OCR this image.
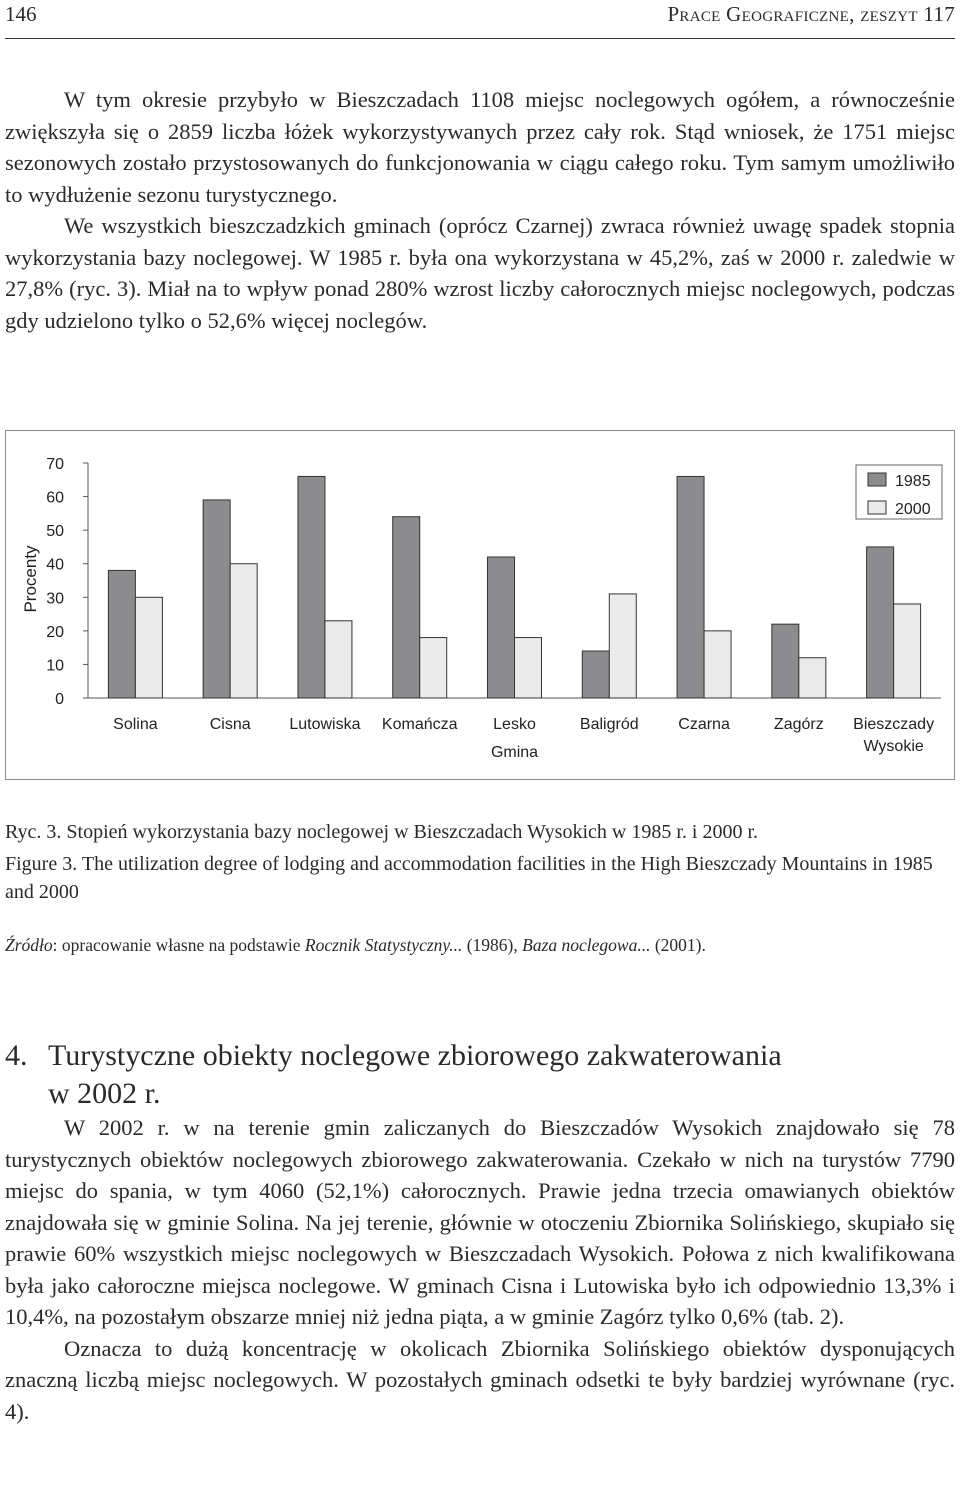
146	Prace Geograficzne, zeszyt 117

W tym okresie przybyło w Bieszczadach 1108 miejsc noclegowych ogółem, a równocześnie zwiększyła się o 2859 liczba łóżek wykorzystywanych przez cały rok. Stąd wniosek, że 1751 miejsc sezonowych zostało przystosowanych do funkcjonowania w ciągu całego roku. Tym samym umożliwiło to wydłużenie sezonu turystycznego.

We wszystkich bieszczadzkich gminach (oprócz Czarnej) zwraca również uwagę spadek stopnia wykorzystania bazy noclegowej. W 1985 r. była ona wykorzystana w 45,2%, zaś w 2000 r. zaledwie w 27,8% (ryc. 3). Miał na to wpływ ponad 280% wzrost liczby całorocznych miejsc noclegowych, podczas gdy udzielono tylko o 52,6% więcej noclegów.

0
10
20
30
40
50
60
70
Procenty
Solina	Cisna Lutowiska Komańcza Lesko	Baligród Czarna	Zagórz Bieszczady
Wysokie
Gmina
1985
2000

Ryc. 3. Stopień wykorzystania bazy noclegowej w Bieszczadach Wysokich w 1985 r. i 2000 r.

Figure 3. The utilization degree of lodging and accommodation facilities in the High Bieszczady Mountains in 1985 and 2000

Źródło: opracowanie własne na podstawie Rocznik Statystyczny... (1986), Baza noclegowa... (2001).
4. Turystyczne obiekty noclegowe zbiorowego zakwaterowania
w 2002 r.

W 2002 r. w na terenie gmin zaliczanych do Bieszczadów Wysokich znajdowało się 78 turystycznych obiektów noclegowych zbiorowego zakwaterowania. Czekało w nich na turystów 7790 miejsc do spania, w tym 4060 (52,1%) całorocznych. Prawie jedna trzecia omawianych obiektów znajdowała się w gminie Solina. Na jej terenie, głównie w otoczeniu Zbiornika Solińskiego, skupiało się prawie 60% wszystkich miejsc noclegowych w Bieszczadach Wysokich. Połowa z nich kwalifikowana była jako całoroczne miejsca noclegowe. W gminach Cisna i Lutowiska było ich odpowiednio 13,3% i 10,4%, na pozostałym obszarze mniej niż jedna piąta, a w gminie Zagórz tylko 0,6% (tab. 2).

Oznacza to dużą koncentrację w okolicach Zbiornika Solińskiego obiektów dysponujących znaczną liczbą miejsc noclegowych. W pozostałych gminach odsetki te były bardziej wyrównane (ryc. 4).
